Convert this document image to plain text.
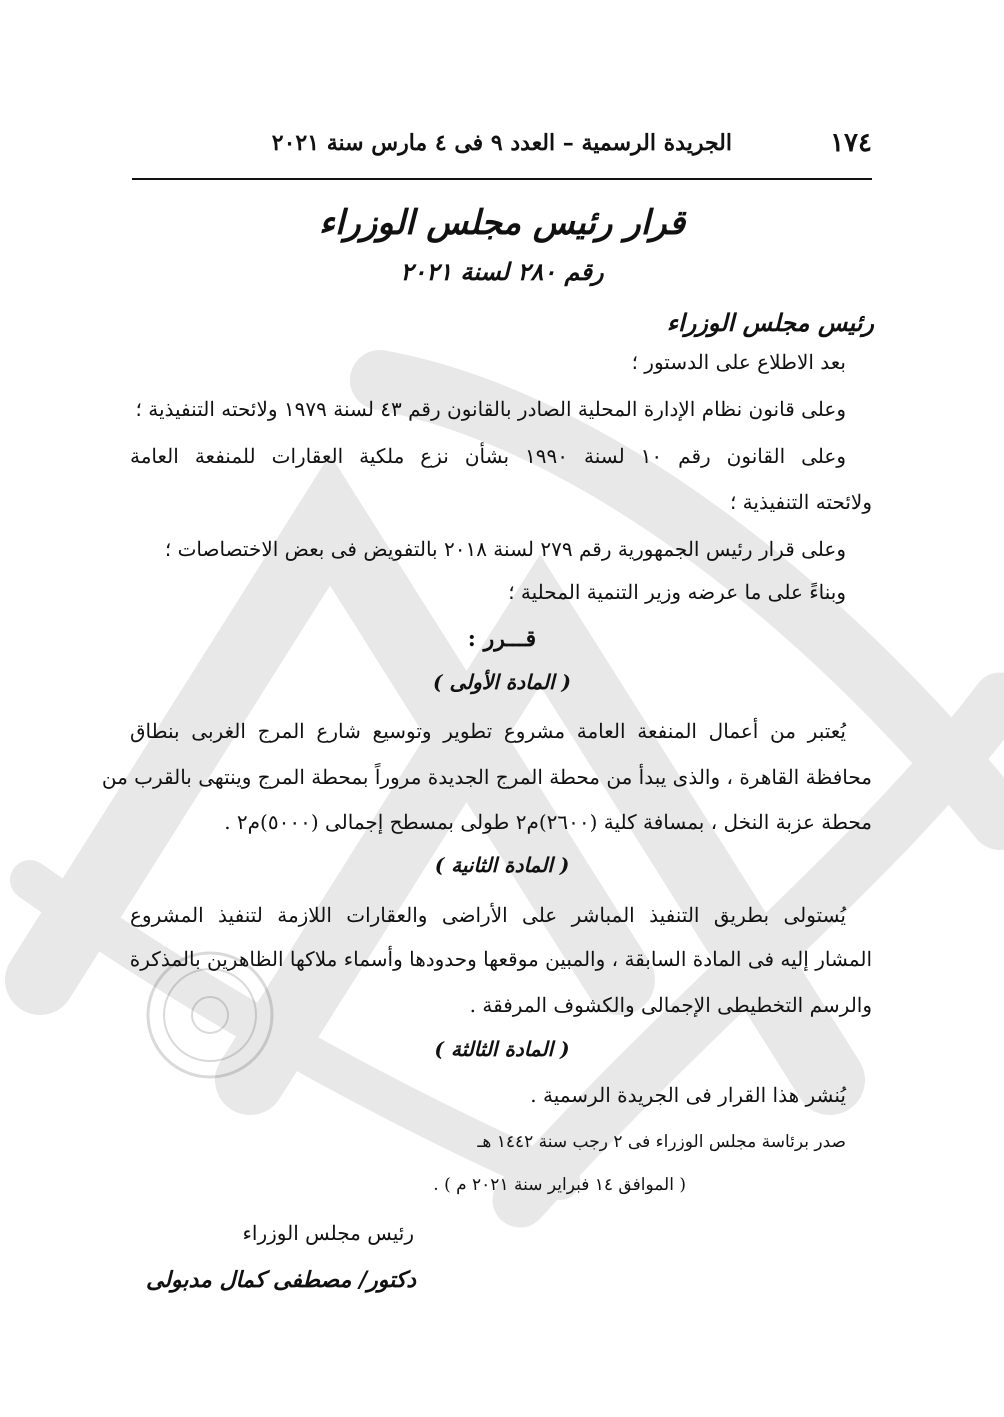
١٧٤
الجريدة الرسمية – العدد ٩ فى ٤ مارس سنة ٢٠٢١
قرار رئيس مجلس الوزراء
رقم ٢٨٠ لسنة ٢٠٢١
رئيس مجلس الوزراء
بعد الاطلاع على الدستور ؛
وعلى قانون نظام الإدارة المحلية الصادر بالقانون رقم ٤٣ لسنة ١٩٧٩ ولائحته التنفيذية ؛
وعلى القانون رقم ١٠ لسنة ١٩٩٠ بشأن نزع ملكية العقارات للمنفعة العامة
ولائحته التنفيذية ؛
وعلى قرار رئيس الجمهورية رقم ٢٧٩ لسنة ٢٠١٨ بالتفويض فى بعض الاختصاصات ؛
وبناءً على ما عرضه وزير التنمية المحلية ؛
قـــرر :
( المادة الأولى )
يُعتبر من أعمال المنفعة العامة مشروع تطوير وتوسيع شارع المرج الغربى بنطاق
محافظة القاهرة ، والذى يبدأ من محطة المرج الجديدة مروراً بمحطة المرج وينتهى بالقرب من
محطة عزبة النخل ، بمسافة كلية (٢٦٠٠)م٢ طولى بمسطح إجمالى (٥٠٠٠)م٢ .
( المادة الثانية )
يُستولى بطريق التنفيذ المباشر على الأراضى والعقارات اللازمة لتنفيذ المشروع
المشار إليه فى المادة السابقة ، والمبين موقعها وحدودها وأسماء ملاكها الظاهرين بالمذكرة
والرسم التخطيطى الإجمالى والكشوف المرفقة .
( المادة الثالثة )
يُنشر هذا القرار فى الجريدة الرسمية .
صدر برئاسة مجلس الوزراء فى ٢ رجب سنة ١٤٤٢ هـ
( الموافق ١٤ فبراير سنة ٢٠٢١ م ) .
رئيس مجلس الوزراء
دكتور/ مصطفى كمال مدبولى
